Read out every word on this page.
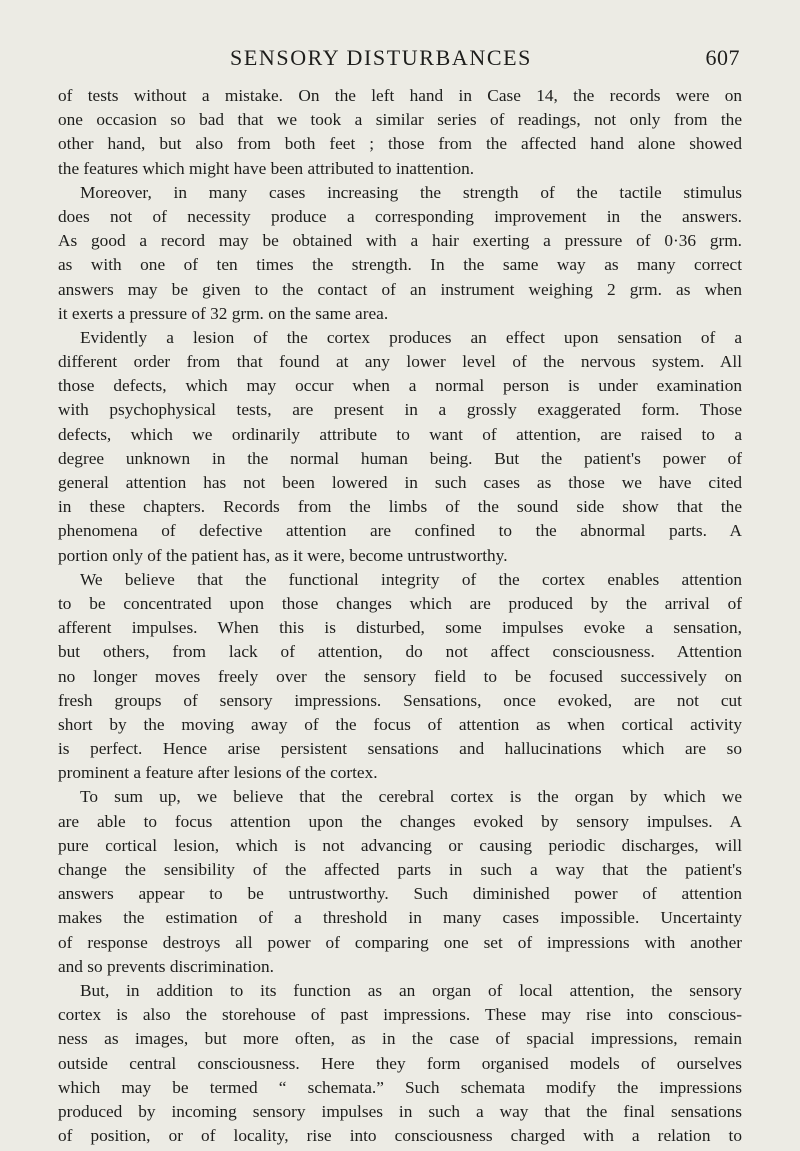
SENSORY DISTURBANCES	607
of tests without a mistake. On the left hand in Case 14, the records were on
one occasion so bad that we took a similar series of readings, not only from the
other hand, but also from both feet ; those from the affected hand alone showed
the features which might have been attributed to inattention.
Moreover, in many cases increasing the strength of the tactile stimulus
does not of necessity produce a corresponding improvement in the answers.
As good a record may be obtained with a hair exerting a pressure of 0·36 grm.
as with one of ten times the strength. In the same way as many correct
answers may be given to the contact of an instrument weighing 2 grm. as when
it exerts a pressure of 32 grm. on the same area.
Evidently a lesion of the cortex produces an effect upon sensation of a
different order from that found at any lower level of the nervous system. All
those defects, which may occur when a normal person is under examination
with psychophysical tests, are present in a grossly exaggerated form. Those
defects, which we ordinarily attribute to want of attention, are raised to a
degree unknown in the normal human being. But the patient's power of
general attention has not been lowered in such cases as those we have cited
in these chapters. Records from the limbs of the sound side show that the
phenomena of defective attention are confined to the abnormal parts. A
portion only of the patient has, as it were, become untrustworthy.
We believe that the functional integrity of the cortex enables attention
to be concentrated upon those changes which are produced by the arrival of
afferent impulses. When this is disturbed, some impulses evoke a sensation,
but others, from lack of attention, do not affect consciousness. Attention
no longer moves freely over the sensory field to be focused successively on
fresh groups of sensory impressions. Sensations, once evoked, are not cut
short by the moving away of the focus of attention as when cortical activity
is perfect. Hence arise persistent sensations and hallucinations which are so
prominent a feature after lesions of the cortex.
To sum up, we believe that the cerebral cortex is the organ by which we
are able to focus attention upon the changes evoked by sensory impulses. A
pure cortical lesion, which is not advancing or causing periodic discharges, will
change the sensibility of the affected parts in such a way that the patient's
answers appear to be untrustworthy. Such diminished power of attention
makes the estimation of a threshold in many cases impossible. Uncertainty
of response destroys all power of comparing one set of impressions with another
and so prevents discrimination.
But, in addition to its function as an organ of local attention, the sensory
cortex is also the storehouse of past impressions. These may rise into conscious-
ness as images, but more often, as in the case of spacial impressions, remain
outside central consciousness. Here they form organised models of ourselves
which may be termed “ schemata.” Such schemata modify the impressions
produced by incoming sensory impulses in such a way that the final sensations
of position, or of locality, rise into consciousness charged with a relation to
